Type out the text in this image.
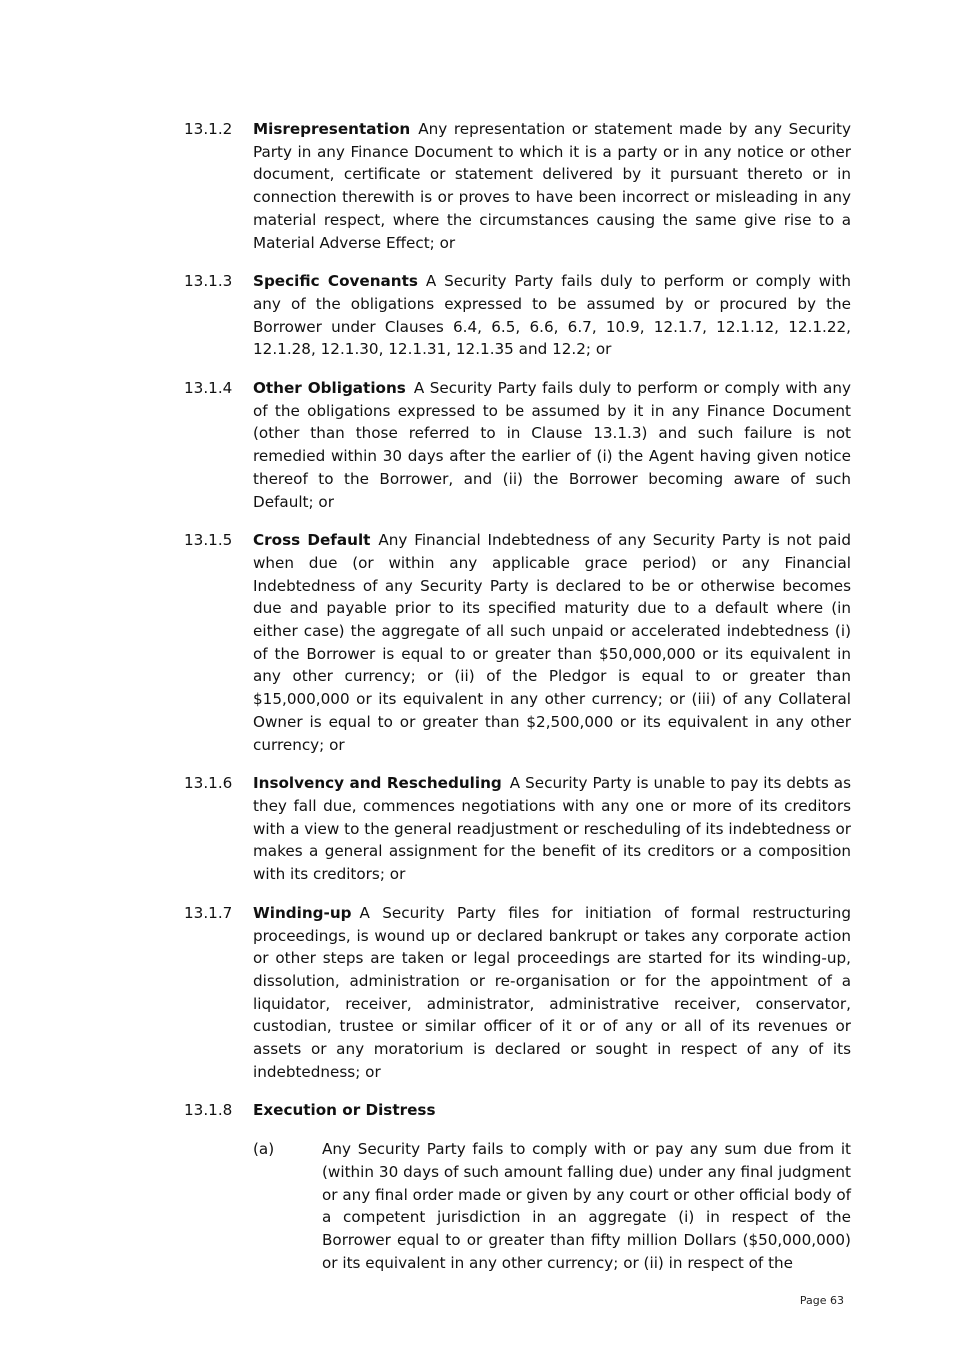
13.1.2	Misrepresentation Any representation or statement made by any Security Party in any Finance Document to which it is a party or in any notice or other document, certificate or statement delivered by it pursuant thereto or in connection therewith is or proves to have been incorrect or misleading in any material respect, where the circumstances causing the same give rise to a Material Adverse Effect; or
13.1.3	Specific Covenants A Security Party fails duly to perform or comply with any of the obligations expressed to be assumed by or procured by the Borrower under Clauses 6.4, 6.5, 6.6, 6.7, 10.9, 12.1.7, 12.1.12, 12.1.22, 12.1.28, 12.1.30, 12.1.31, 12.1.35 and 12.2; or
13.1.4	Other Obligations A Security Party fails duly to perform or comply with any of the obligations expressed to be assumed by it in any Finance Document (other than those referred to in Clause 13.1.3) and such failure is not remedied within 30 days after the earlier of (i) the Agent having given notice thereof to the Borrower, and (ii) the Borrower becoming aware of such Default; or
13.1.5	Cross Default Any Financial Indebtedness of any Security Party is not paid when due (or within any applicable grace period) or any Financial Indebtedness of any Security Party is declared to be or otherwise becomes due and payable prior to its specified maturity due to a default where (in either case) the aggregate of all such unpaid or accelerated indebtedness (i) of the Borrower is equal to or greater than $50,000,000 or its equivalent in any other currency; or (ii) of the Pledgor is equal to or greater than $15,000,000 or its equivalent in any other currency; or (iii) of any Collateral Owner is equal to or greater than $2,500,000 or its equivalent in any other currency; or
13.1.6	Insolvency and Rescheduling A Security Party is unable to pay its debts as they fall due, commences negotiations with any one or more of its creditors with a view to the general readjustment or rescheduling of its indebtedness or makes a general assignment for the benefit of its creditors or a composition with its creditors; or
13.1.7	Winding-up A Security Party files for initiation of formal restructuring proceedings, is wound up or declared bankrupt or takes any corporate action or other steps are taken or legal proceedings are started for its winding-up, dissolution, administration or re-organisation or for the appointment of a liquidator, receiver, administrator, administrative receiver, conservator, custodian, trustee or similar officer of it or of any or all of its revenues or assets or any moratorium is declared or sought in respect of any of its indebtedness; or
13.1.8	Execution or Distress
(a)	Any Security Party fails to comply with or pay any sum due from it (within 30 days of such amount falling due) under any final judgment or any final order made or given by any court or other official body of a competent jurisdiction in an aggregate (i) in respect of the Borrower equal to or greater than fifty million Dollars ($50,000,000) or its equivalent in any other currency; or (ii) in respect of the
Page 63
